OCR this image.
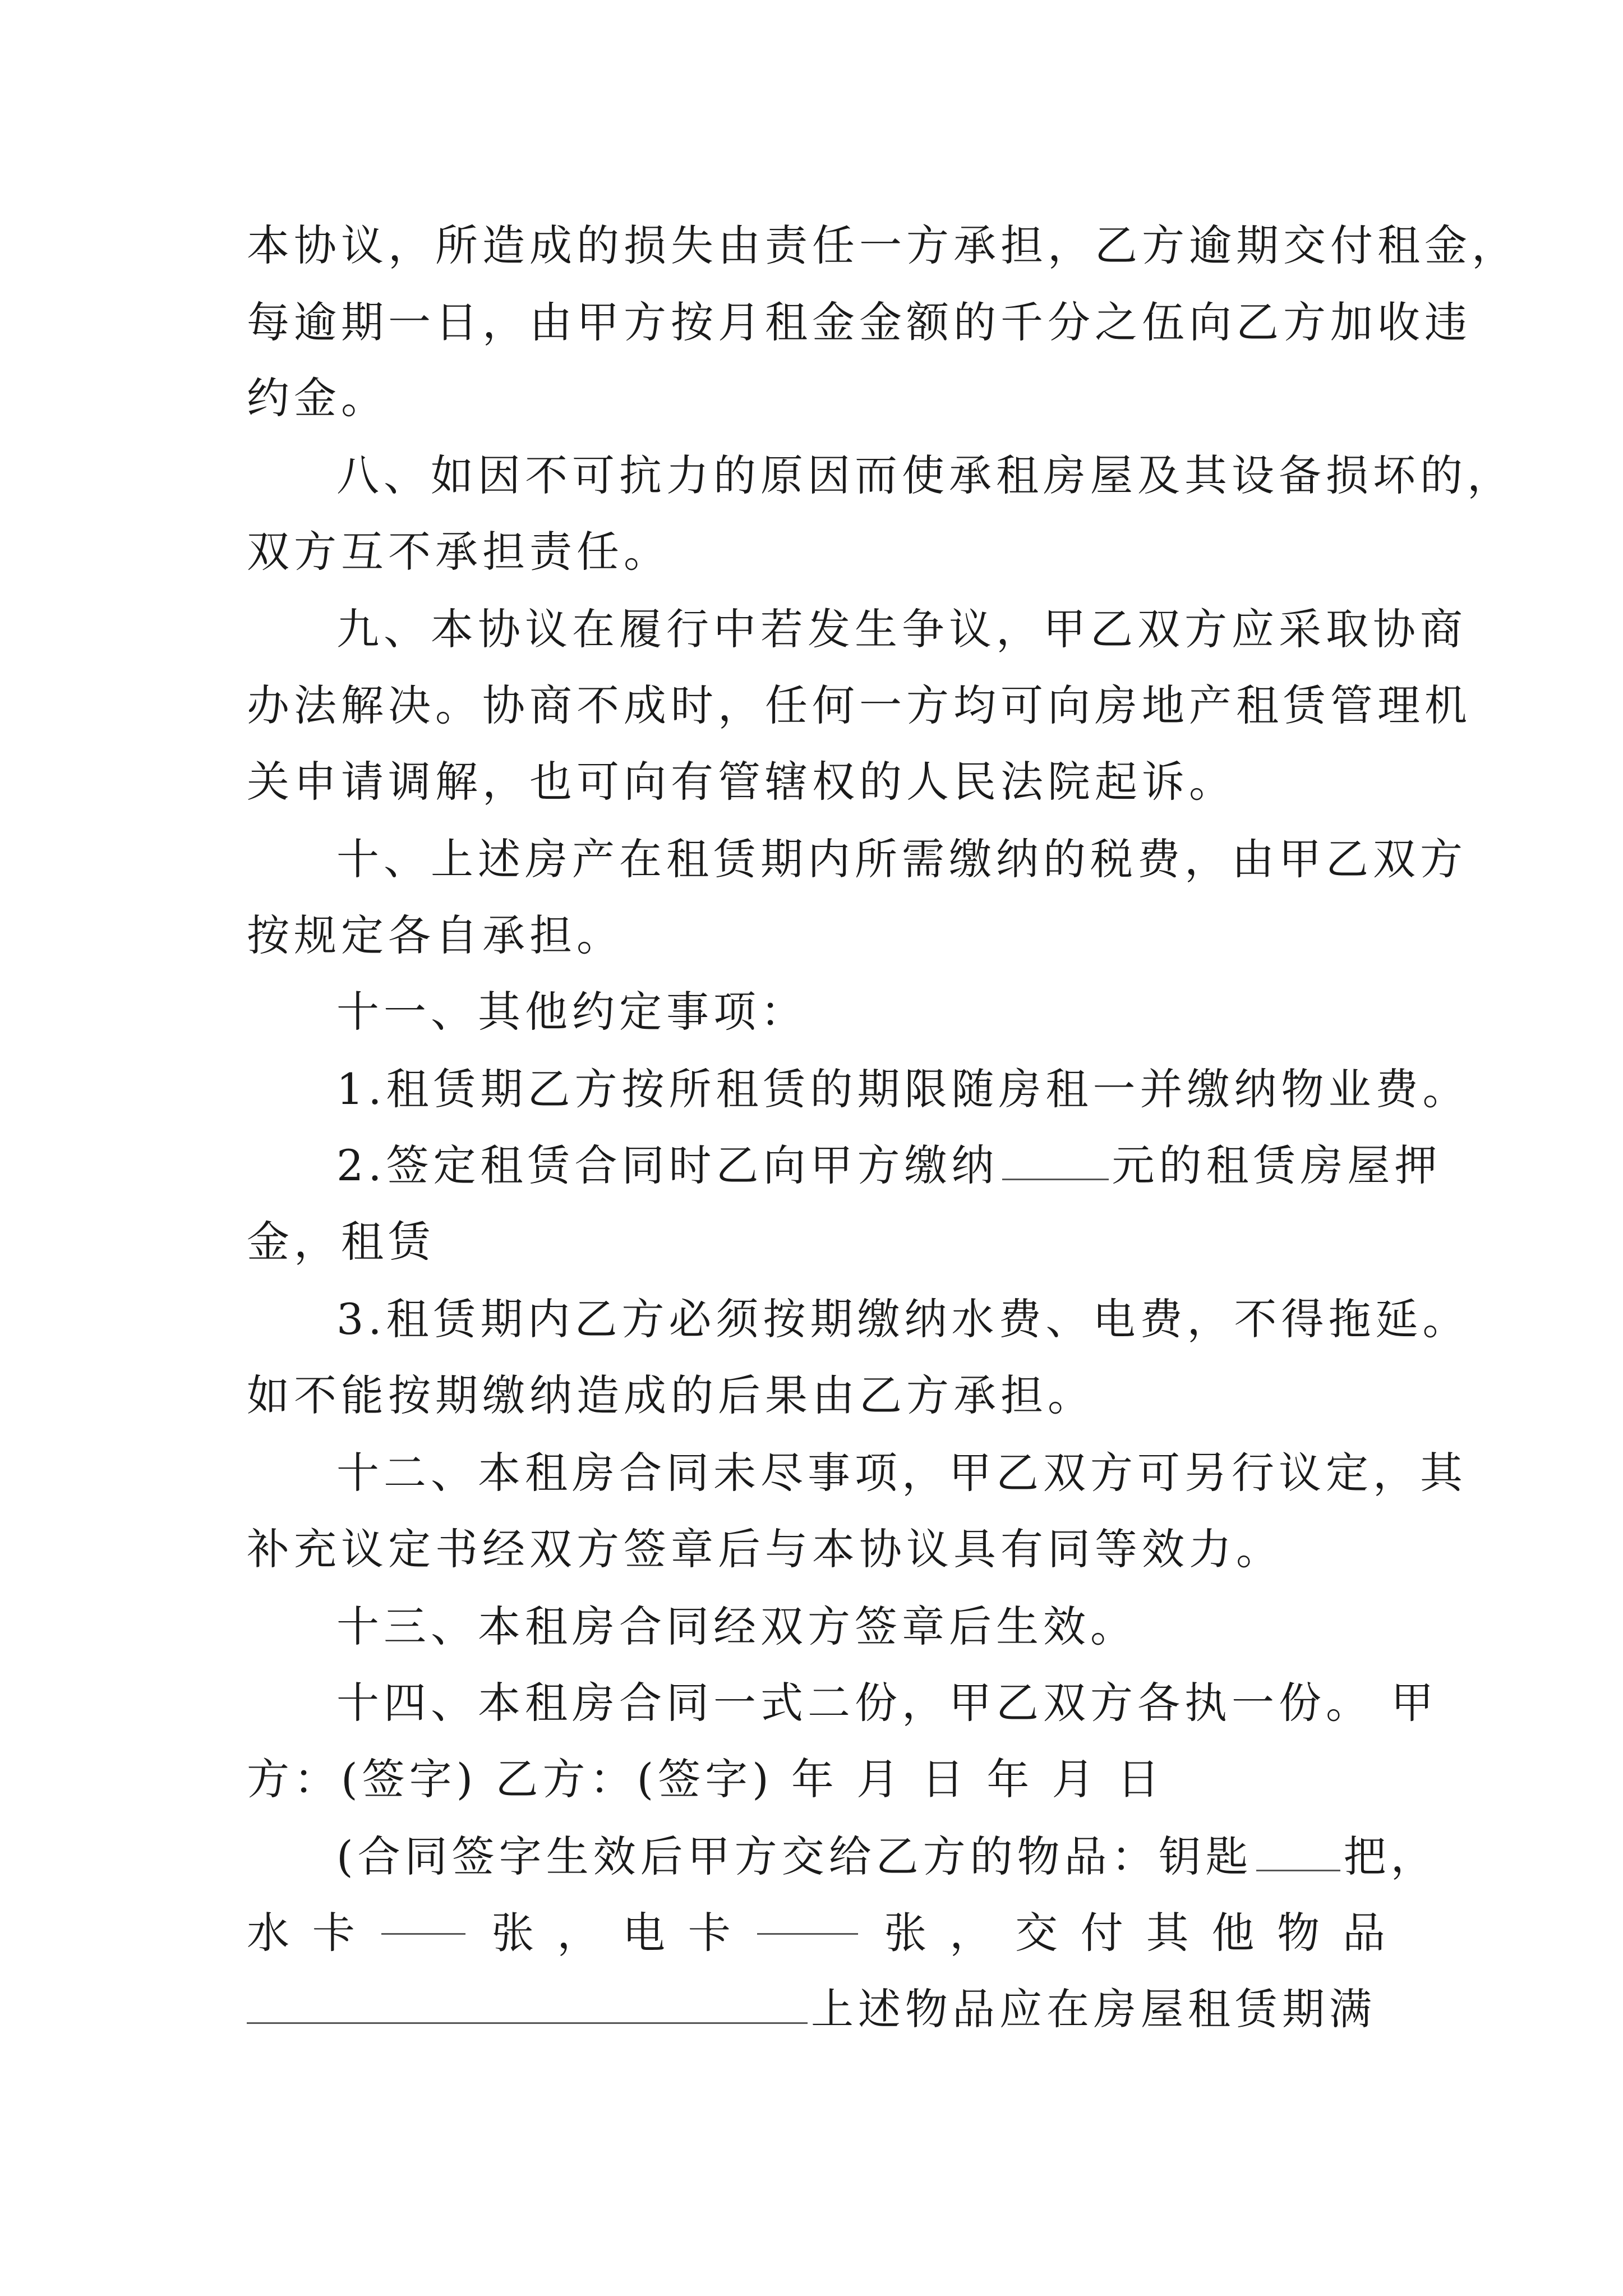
本协议，所造成的损失由责任一方承担，乙方逾期交付租金，
每逾期一日，由甲方按月租金金额的千分之伍向乙方加收违
约金。
八、如因不可抗力的原因而使承租房屋及其设备损坏的，
双方互不承担责任。
九、本协议在履行中若发生争议，甲乙双方应采取协商
办法解决。协商不成时，任何一方均可向房地产租赁管理机
关申请调解，也可向有管辖权的人民法院起诉。
十、上述房产在租赁期内所需缴纳的税费，由甲乙双方
按规定各自承担。
十一、其他约定事项：
1.租赁期乙方按所租赁的期限随房租一并缴纳物业费。
2.签定租赁合同时乙向甲方缴纳	元的租赁房屋押
金，租赁
3.租赁期内乙方必须按期缴纳水费、电费，不得拖延。
如不能按期缴纳造成的后果由乙方承担。
十二、本租房合同未尽事项，甲乙双方可另行议定，其
补充议定书经双方签章后与本协议具有同等效力。
十三、本租房合同经双方签章后生效。
十四、本租房合同一式二份，甲乙双方各执一份。 甲
方：(签字) 乙方：(签字) 年 月 日 年 月 日
(合同签字生效后甲方交给乙方的物品：钥匙 把，
水 卡	张 ， 电 卡	张 ， 交 付 其 他 物 品
上述物品应在房屋租赁期满
